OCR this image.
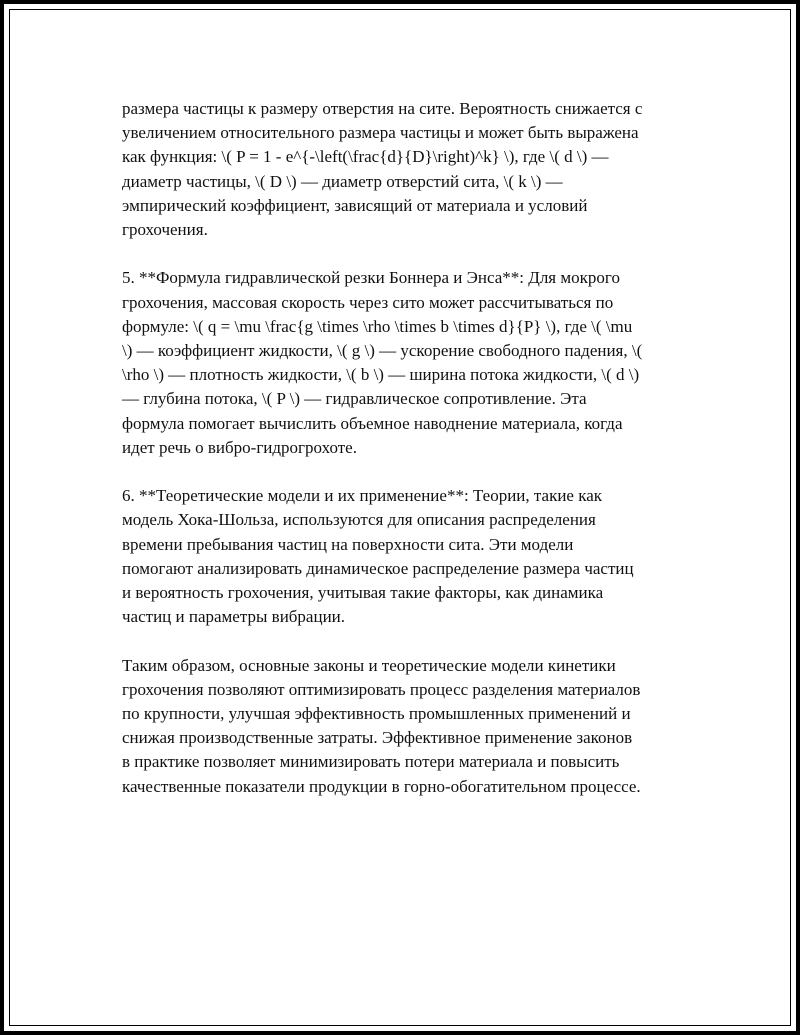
размера частицы к размеру отверстия на сите. Вероятность снижается с
увеличением относительного размера частицы и может быть выражена
как функция: \( P = 1 - e^{-\left(\frac{d}{D}\right)^k} \), где \( d \) —
диаметр частицы, \( D \) — диаметр отверстий сита, \( k \) —
эмпирический коэффициент, зависящий от материала и условий
грохочения.

5. **Формула гидравлической резки Боннера и Энса**: Для мокрого
грохочения, массовая скорость через сито может рассчитываться по
формуле: \( q = \mu \frac{g \times \rho \times b \times d}{P} \), где \( \mu
\) — коэффициент жидкости, \( g \) — ускорение свободного падения, \(
\rho \) — плотность жидкости, \( b \) — ширина потока жидкости, \( d \)
— глубина потока, \( P \) — гидравлическое сопротивление. Эта
формула помогает вычислить объемное наводнение материала, когда
идет речь о вибро-гидрогрохоте.

6. **Теоретические модели и их применение**: Теории, такие как
модель Хока-Шольза, используются для описания распределения
времени пребывания частиц на поверхности сита. Эти модели
помогают анализировать динамическое распределение размера частиц
и вероятность грохочения, учитывая такие факторы, как динамика
частиц и параметры вибрации.

Таким образом, основные законы и теоретические модели кинетики
грохочения позволяют оптимизировать процесс разделения материалов
по крупности, улучшая эффективность промышленных применений и
снижая производственные затраты. Эффективное применение законов
в практике позволяет минимизировать потери материала и повысить
качественные показатели продукции в горно-обогатительном процессе.
